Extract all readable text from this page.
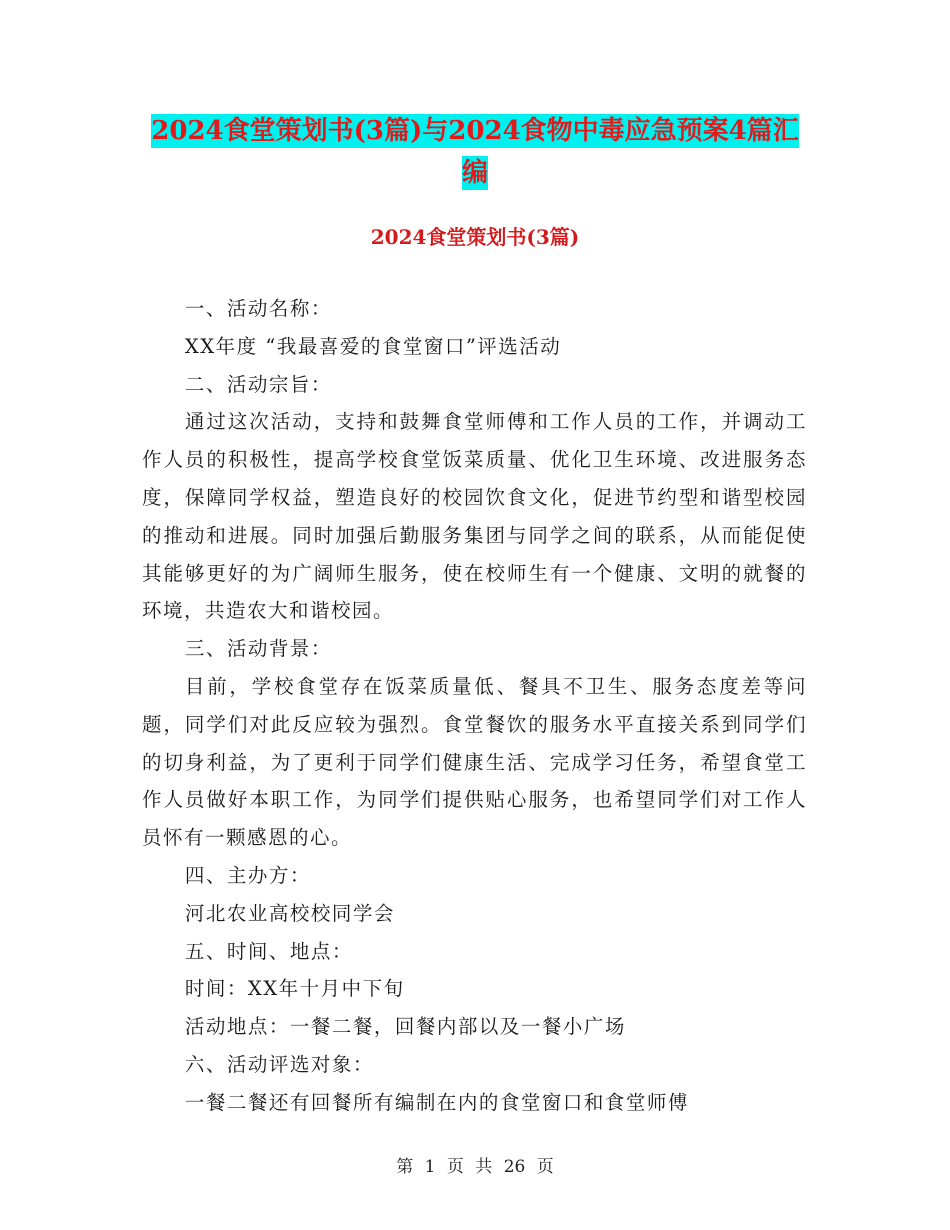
2024食堂策划书(3篇)与2024食物中毒应急预案4篇汇编
2024食堂策划书(3篇)

一、活动名称：

XX年度 “我最喜爱的食堂窗口”评选活动

二、活动宗旨：

通过这次活动，支持和鼓舞食堂师傅和工作人员的工作，并调动工作人员的积极性，提高学校食堂饭菜质量、优化卫生环境、改进服务态度，保障同学权益，塑造良好的校园饮食文化，促进节约型和谐型校园的推动和进展。同时加强后勤服务集团与同学之间的联系，从而能促使其能够更好的为广阔师生服务，使在校师生有一个健康、文明的就餐的环境，共造农大和谐校园。

三、活动背景：

目前，学校食堂存在饭菜质量低、餐具不卫生、服务态度差等问题，同学们对此反应较为强烈。食堂餐饮的服务水平直接关系到同学们的切身利益，为了更利于同学们健康生活、完成学习任务，希望食堂工作人员做好本职工作，为同学们提供贴心服务，也希望同学们对工作人员怀有一颗感恩的心。

四、主办方：

河北农业高校校同学会

五、时间、地点：

时间：XX年十月中下旬

活动地点：一餐二餐，回餐内部以及一餐小广场

六、活动评选对象：

一餐二餐还有回餐所有编制在内的食堂窗口和食堂师傅

第 1 页 共 26 页
